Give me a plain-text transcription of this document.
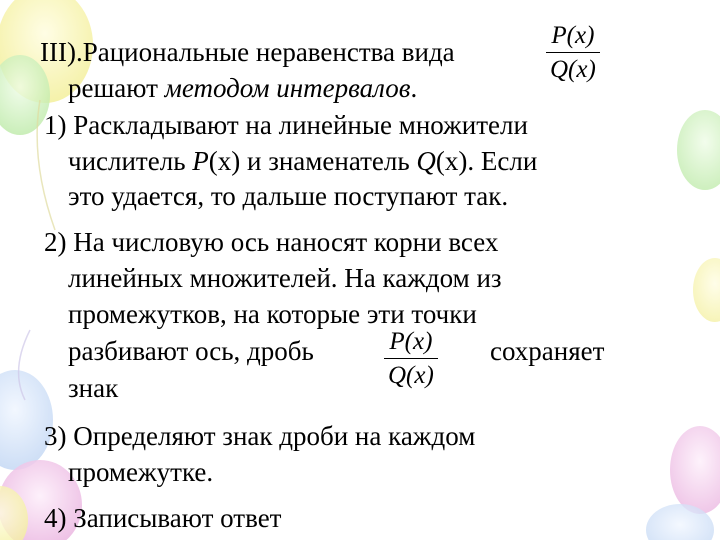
III).Рациональные неравенства вида
P(x)
Q(x)
решают методом интервалов.
1) Раскладывают на линейные множители
числитель P(x) и знаменатель Q(x). Если
это удается, то дальше поступают так.
2) На числовую ось наносят корни всех
линейных множителей. На каждом из
промежутков, на которые эти точки
разбивают ось, дробь	P(x)
Q(x)
сохраняет
знак
3) Определяют знак дроби на каждом
промежутке.
4) Записывают ответ
